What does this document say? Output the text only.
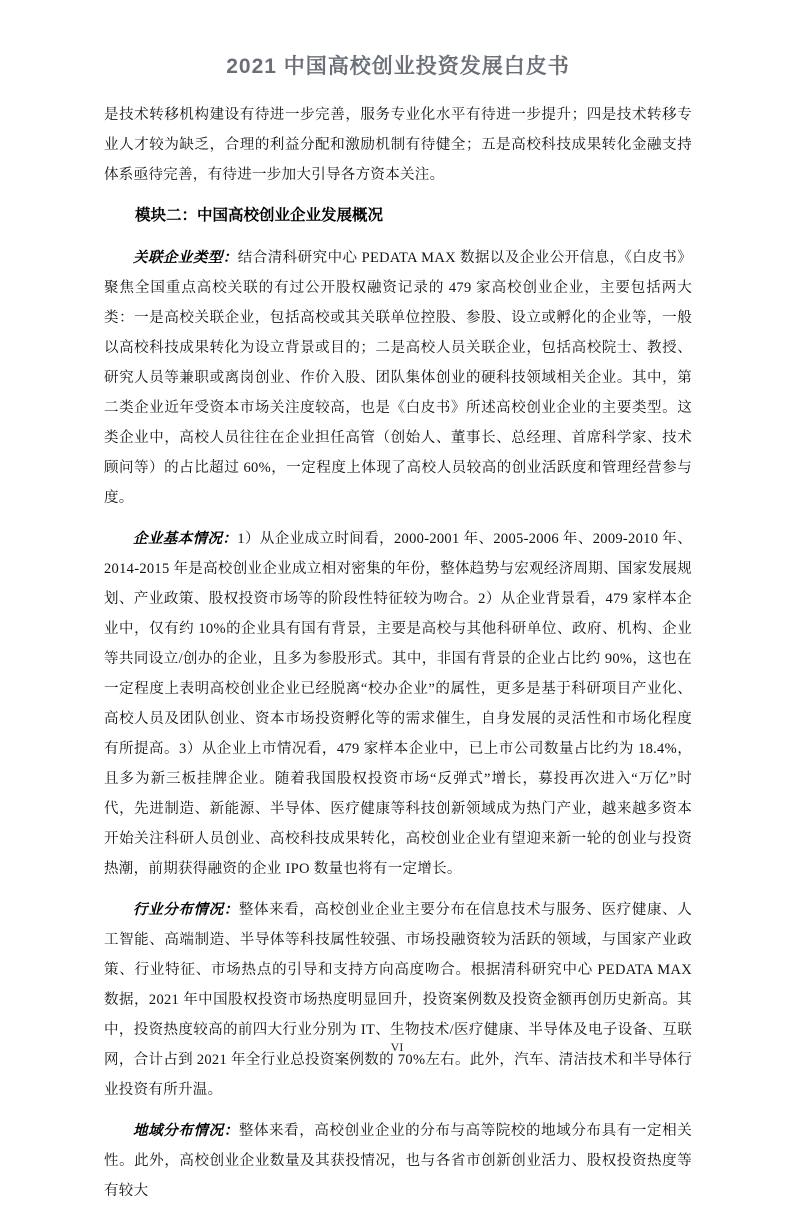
2021 中国高校创业投资发展白皮书

是技术转移机构建设有待进一步完善，服务专业化水平有待进一步提升；四是技术转移专业人才较为缺乏，合理的利益分配和激励机制有待健全；五是高校科技成果转化金融支持体系亟待完善，有待进一步加大引导各方资本关注。

模块二：中国高校创业企业发展概况

关联企业类型：结合清科研究中心 PEDATA MAX 数据以及企业公开信息，《白皮书》聚焦全国重点高校关联的有过公开股权融资记录的 479 家高校创业企业，主要包括两大类：一是高校关联企业，包括高校或其关联单位控股、参股、设立或孵化的企业等，一般以高校科技成果转化为设立背景或目的；二是高校人员关联企业，包括高校院士、教授、研究人员等兼职或离岗创业、作价入股、团队集体创业的硬科技领域相关企业。其中，第二类企业近年受资本市场关注度较高，也是《白皮书》所述高校创业企业的主要类型。这类企业中，高校人员往往在企业担任高管（创始人、董事长、总经理、首席科学家、技术顾问等）的占比超过 60%，一定程度上体现了高校人员较高的创业活跃度和管理经营参与度。

企业基本情况：1）从企业成立时间看，2000-2001 年、2005-2006 年、2009-2010 年、2014-2015 年是高校创业企业成立相对密集的年份，整体趋势与宏观经济周期、国家发展规划、产业政策、股权投资市场等的阶段性特征较为吻合。2）从企业背景看，479 家样本企业中，仅有约 10%的企业具有国有背景，主要是高校与其他科研单位、政府、机构、企业等共同设立/创办的企业，且多为参股形式。其中，非国有背景的企业占比约 90%，这也在一定程度上表明高校创业企业已经脱离“校办企业”的属性，更多是基于科研项目产业化、高校人员及团队创业、资本市场投资孵化等的需求催生，自身发展的灵活性和市场化程度有所提高。3）从企业上市情况看，479 家样本企业中，已上市公司数量占比约为 18.4%，且多为新三板挂牌企业。随着我国股权投资市场“反弹式”增长，募投再次进入“万亿”时代，先进制造、新能源、半导体、医疗健康等科技创新领域成为热门产业，越来越多资本开始关注科研人员创业、高校科技成果转化，高校创业企业有望迎来新一轮的创业与投资热潮，前期获得融资的企业 IPO 数量也将有一定增长。

行业分布情况：整体来看，高校创业企业主要分布在信息技术与服务、医疗健康、人工智能、高端制造、半导体等科技属性较强、市场投融资较为活跃的领域，与国家产业政策、行业特征、市场热点的引导和支持方向高度吻合。根据清科研究中心 PEDATA MAX 数据，2021 年中国股权投资市场热度明显回升，投资案例数及投资金额再创历史新高。其中，投资热度较高的前四大行业分别为 IT、生物技术/医疗健康、半导体及电子设备、互联网，合计占到 2021 年全行业总投资案例数的 70%左右。此外，汽车、清洁技术和半导体行业投资有所升温。

地域分布情况：整体来看，高校创业企业的分布与高等院校的地域分布具有一定相关性。此外，高校创业企业数量及其获投情况，也与各省市创新创业活力、股权投资热度等有较大

VI
